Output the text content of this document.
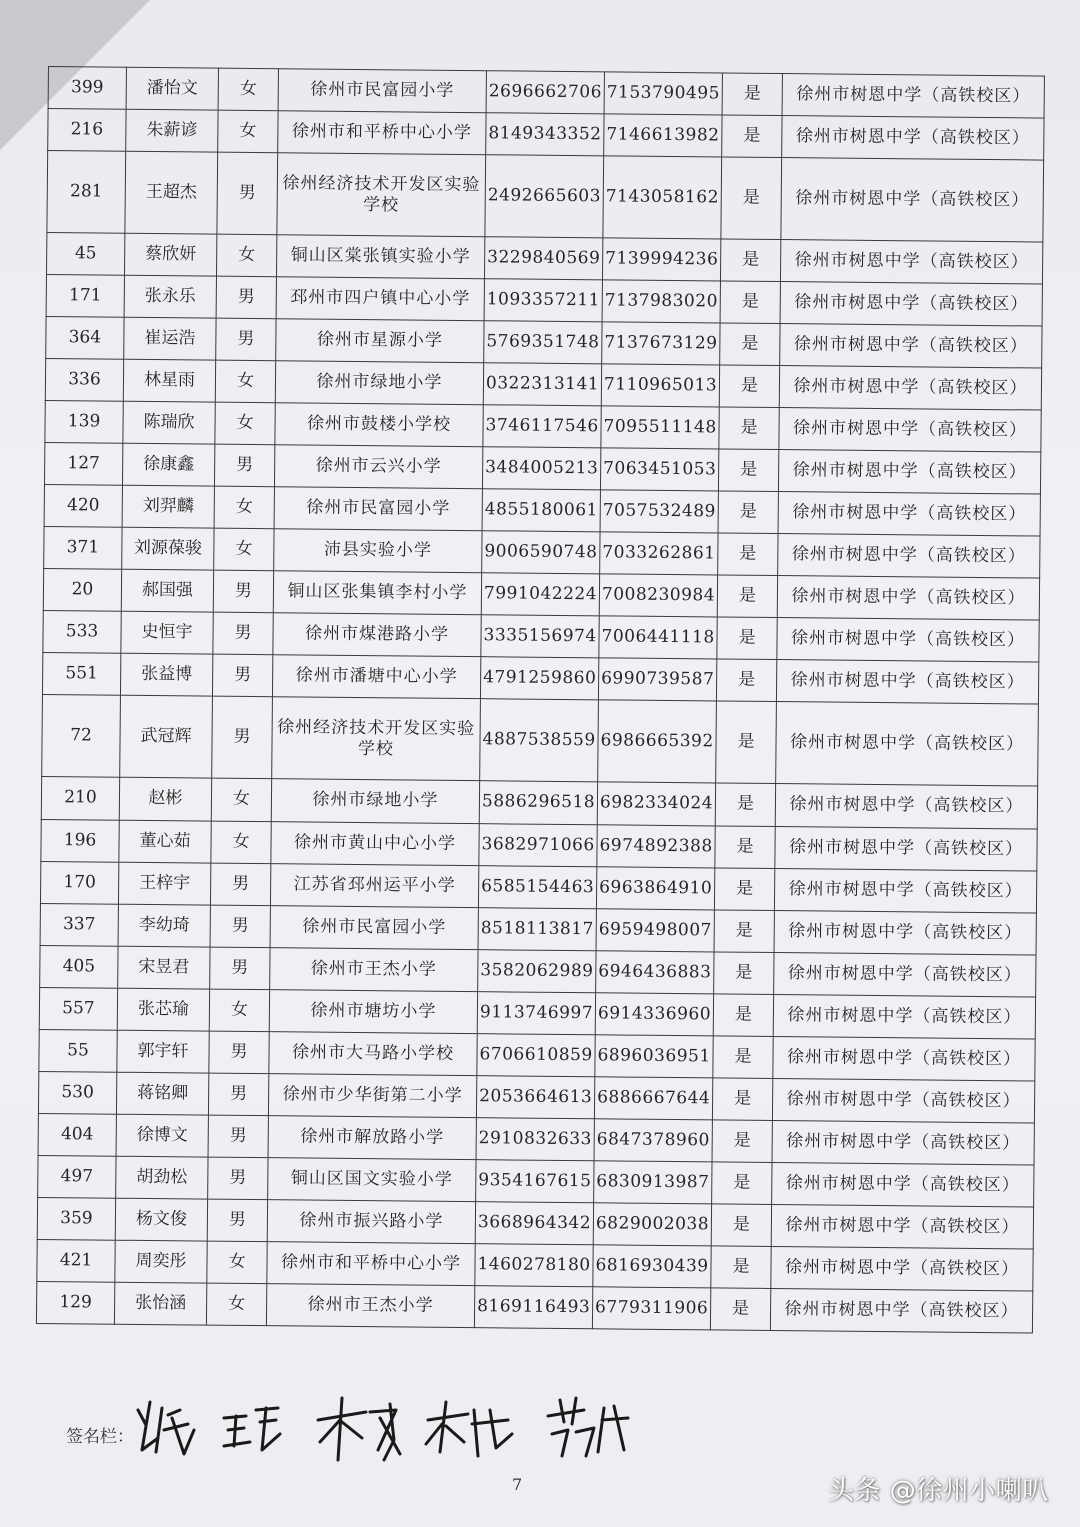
399	潘怡文	女	徐州市民富园小学	2696662706	7153790495	是	徐州市树恩中学（高铁校区）
216	朱薪谚	女	徐州市和平桥中心小学	8149343352	7146613982	是	徐州市树恩中学（高铁校区）
281	王超杰	男	徐州经济技术开发区实验学校	2492665603	7143058162	是	徐州市树恩中学（高铁校区）
45	蔡欣妍	女	铜山区棠张镇实验小学	3229840569	7139994236	是	徐州市树恩中学（高铁校区）
171	张永乐	男	邳州市四户镇中心小学	1093357211	7137983020	是	徐州市树恩中学（高铁校区）
364	崔运浩	男	徐州市星源小学	5769351748	7137673129	是	徐州市树恩中学（高铁校区）
336	林星雨	女	徐州市绿地小学	0322313141	7110965013	是	徐州市树恩中学（高铁校区）
139	陈瑞欣	女	徐州市鼓楼小学校	3746117546	7095511148	是	徐州市树恩中学（高铁校区）
127	徐康鑫	男	徐州市云兴小学	3484005213	7063451053	是	徐州市树恩中学（高铁校区）
420	刘羿麟	女	徐州市民富园小学	4855180061	7057532489	是	徐州市树恩中学（高铁校区）
371	刘源葆骏	女	沛县实验小学	9006590748	7033262861	是	徐州市树恩中学（高铁校区）
20	郝国强	男	铜山区张集镇李村小学	7991042224	7008230984	是	徐州市树恩中学（高铁校区）
533	史恒宇	男	徐州市煤港路小学	3335156974	7006441118	是	徐州市树恩中学（高铁校区）
551	张益博	男	徐州市潘塘中心小学	4791259860	6990739587	是	徐州市树恩中学（高铁校区）
72	武冠辉	男	徐州经济技术开发区实验学校	4887538559	6986665392	是	徐州市树恩中学（高铁校区）
210	赵彬	女	徐州市绿地小学	5886296518	6982334024	是	徐州市树恩中学（高铁校区）
196	董心茹	女	徐州市黄山中心小学	3682971066	6974892388	是	徐州市树恩中学（高铁校区）
170	王梓宇	男	江苏省邳州运平小学	6585154463	6963864910	是	徐州市树恩中学（高铁校区）
337	李幼琦	男	徐州市民富园小学	8518113817	6959498007	是	徐州市树恩中学（高铁校区）
405	宋昱君	男	徐州市王杰小学	3582062989	6946436883	是	徐州市树恩中学（高铁校区）
557	张芯瑜	女	徐州市塘坊小学	9113746997	6914336960	是	徐州市树恩中学（高铁校区）
55	郭宇轩	男	徐州市大马路小学校	6706610859	6896036951	是	徐州市树恩中学（高铁校区）
530	蒋铭卿	男	徐州市少华街第二小学	2053664613	6886667644	是	徐州市树恩中学（高铁校区）
404	徐博文	男	徐州市解放路小学	2910832633	6847378960	是	徐州市树恩中学（高铁校区）
497	胡劲松	男	铜山区国文实验小学	9354167615	6830913987	是	徐州市树恩中学（高铁校区）
359	杨文俊	男	徐州市振兴路小学	3668964342	6829002038	是	徐州市树恩中学（高铁校区）
421	周奕彤	女	徐州市和平桥中心小学	1460278180	6816930439	是	徐州市树恩中学（高铁校区）
129	张怡涵	女	徐州市王杰小学	8169116493	6779311906	是	徐州市树恩中学（高铁校区）
签名栏：
7	头条 @徐州小喇叭
